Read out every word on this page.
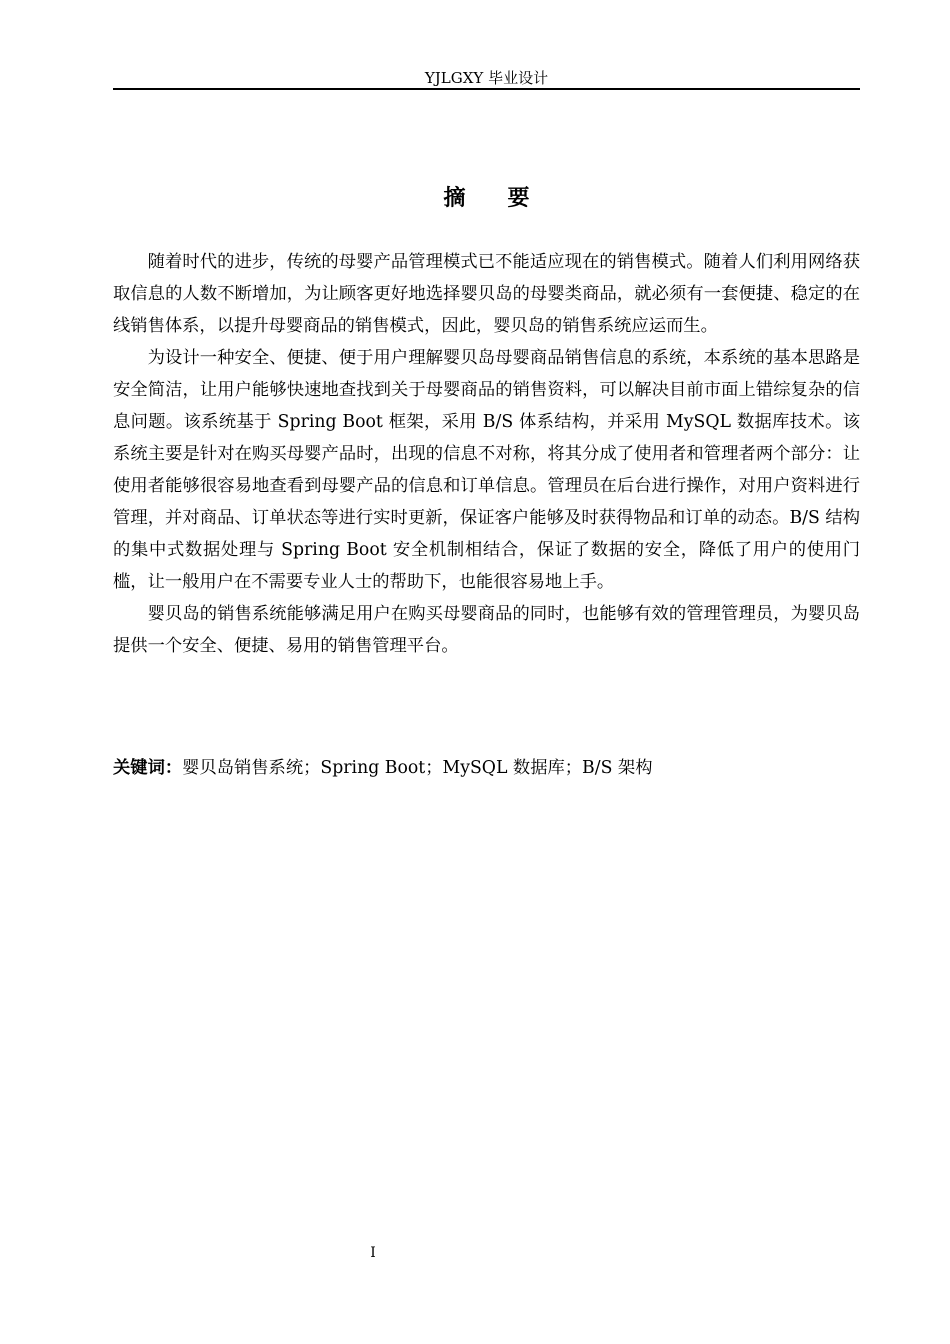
YJLGXY 毕业设计
摘要

随着时代的进步，传统的母婴产品管理模式已不能适应现在的销售模式。随着人们利用网络获取信息的人数不断增加，为让顾客更好地选择婴贝岛的母婴类商品，就必须有一套便捷、稳定的在线销售体系，以提升母婴商品的销售模式，因此，婴贝岛的销售系统应运而生。

为设计一种安全、便捷、便于用户理解婴贝岛母婴商品销售信息的系统，本系统的基本思路是安全简洁，让用户能够快速地查找到关于母婴商品的销售资料，可以解决目前市面上错综复杂的信息问题。该系统基于 Spring Boot 框架，采用 B/S 体系结构，并采用 MySQL 数据库技术。该系统主要是针对在购买母婴产品时，出现的信息不对称，将其分成了使用者和管理者两个部分：让使用者能够很容易地查看到母婴产品的信息和订单信息。管理员在后台进行操作，对用户资料进行管理，并对商品、订单状态等进行实时更新，保证客户能够及时获得物品和订单的动态。B/S 结构的集中式数据处理与 Spring Boot 安全机制相结合，保证了数据的安全，降低了用户的使用门槛，让一般用户在不需要专业人士的帮助下，也能很容易地上手。

婴贝岛的销售系统能够满足用户在购买母婴商品的同时，也能够有效的管理管理员，为婴贝岛提供一个安全、便捷、易用的销售管理平台。

关键词：婴贝岛销售系统；Spring Boot；MySQL 数据库；B/S 架构
I
